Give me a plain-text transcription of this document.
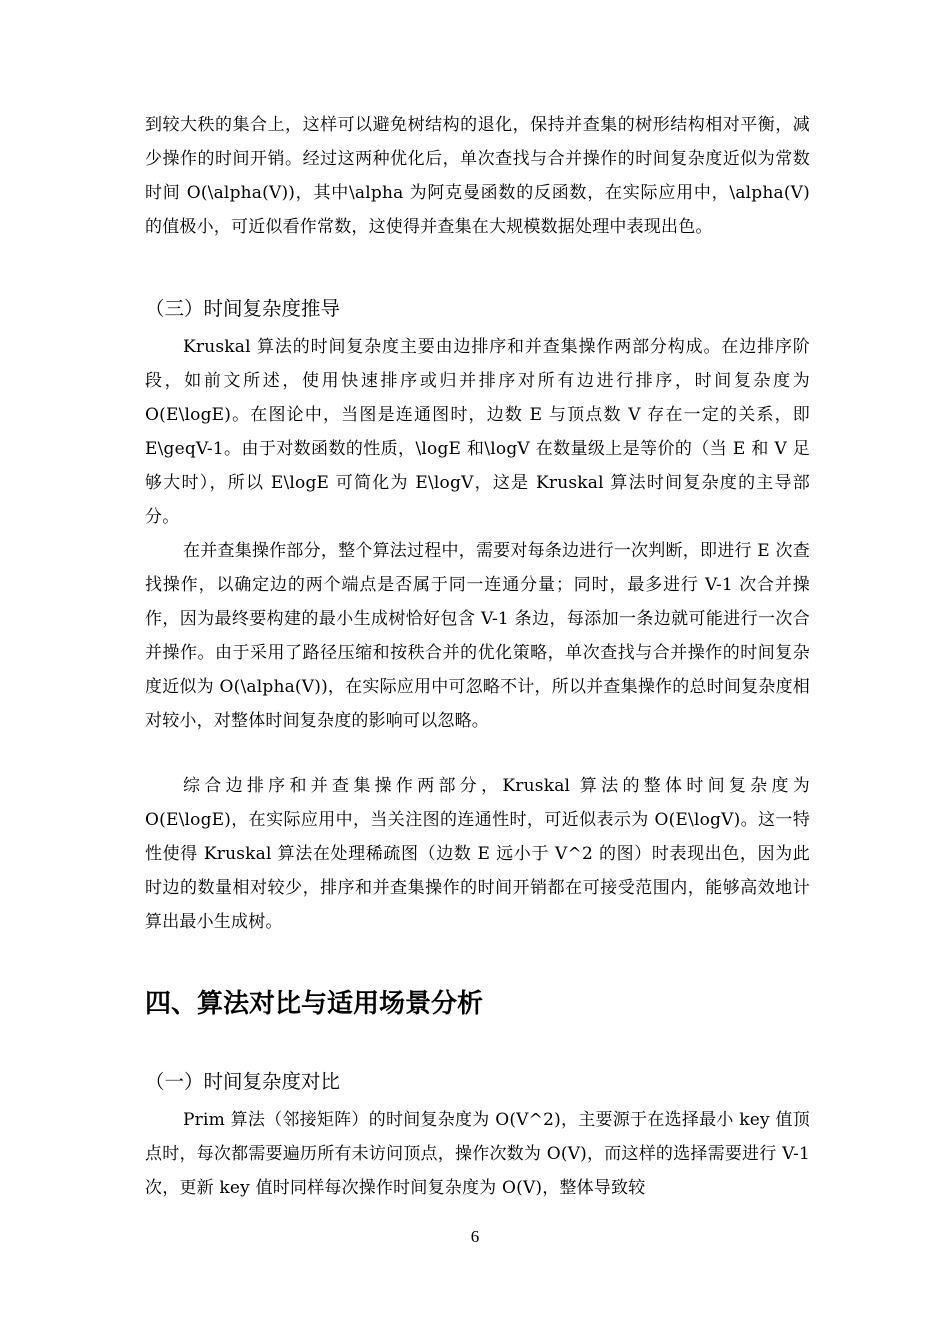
到较大秩的集合上，这样可以避免树结构的退化，保持并查集的树形结构相对平衡，减少操作的时间开销。经过这两种优化后，单次查找与合并操作的时间复杂度近似为常数时间 O(\alpha(V))，其中\alpha 为阿克曼函数的反函数，在实际应用中，\alpha(V)的值极小，可近似看作常数，这使得并查集在大规模数据处理中表现出色。

（三）时间复杂度推导

Kruskal 算法的时间复杂度主要由边排序和并查集操作两部分构成。在边排序阶段，如前文所述，使用快速排序或归并排序对所有边进行排序，时间复杂度为 O(E\logE)。在图论中，当图是连通图时，边数 E 与顶点数 V 存在一定的关系，即 E\geqV-1。由于对数函数的性质，\logE 和\logV 在数量级上是等价的（当 E 和 V 足够大时），所以 E\logE 可简化为 E\logV，这是 Kruskal 算法时间复杂度的主导部分。

在并查集操作部分，整个算法过程中，需要对每条边进行一次判断，即进行 E 次查找操作，以确定边的两个端点是否属于同一连通分量；同时，最多进行 V-1 次合并操作，因为最终要构建的最小生成树恰好包含 V-1 条边，每添加一条边就可能进行一次合并操作。由于采用了路径压缩和按秩合并的优化策略，单次查找与合并操作的时间复杂度近似为 O(\alpha(V))，在实际应用中可忽略不计，所以并查集操作的总时间复杂度相对较小，对整体时间复杂度的影响可以忽略。

综合边排序和并查集操作两部分，Kruskal 算法的整体时间复杂度为 O(E\logE)，在实际应用中，当关注图的连通性时，可近似表示为 O(E\logV)。这一特性使得 Kruskal 算法在处理稀疏图（边数 E 远小于 V^2 的图）时表现出色，因为此时边的数量相对较少，排序和并查集操作的时间开销都在可接受范围内，能够高效地计算出最小生成树。

四、算法对比与适用场景分析
（一）时间复杂度对比

Prim 算法（邻接矩阵）的时间复杂度为 O(V^2)，主要源于在选择最小 key 值顶点时，每次都需要遍历所有未访问顶点，操作次数为 O(V)，而这样的选择需要进行 V-1 次，更新 key 值时同样每次操作时间复杂度为 O(V)，整体导致较

6
